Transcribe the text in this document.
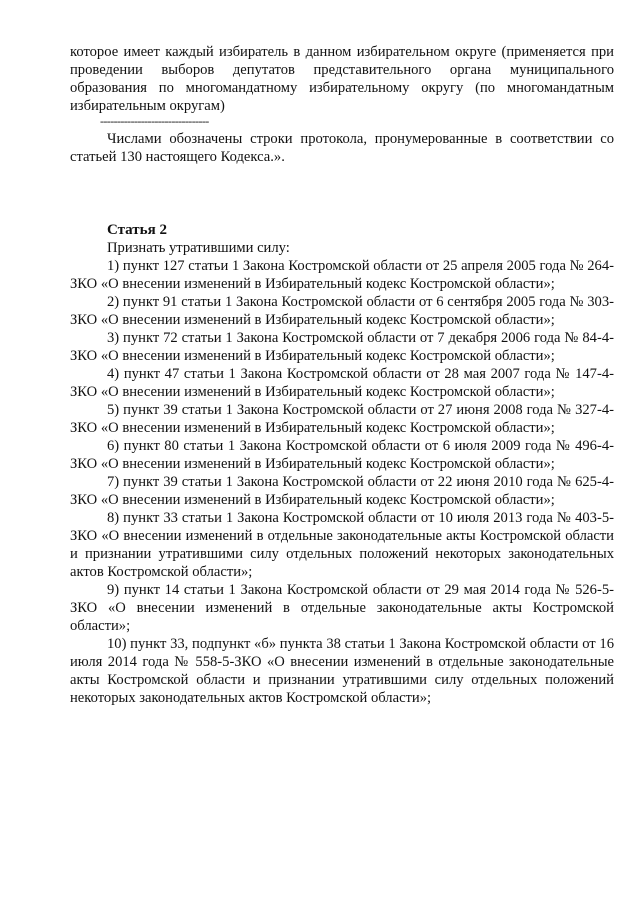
которое имеет каждый избиратель в данном избирательном округе (применяется при проведении выборов депутатов представительного органа муниципального образования по многомандатному избирательному округу (по многомандатным избирательным округам)

--------------------------------

Числами обозначены строки протокола, пронумерованные в соответствии со статьей 130 настоящего Кодекса.».

Статья 2

Признать утратившими силу:

1) пункт 127 статьи 1 Закона Костромской области от 25 апреля 2005 года № 264-ЗКО «О внесении изменений в Избирательный кодекс Костромской области»;

2) пункт 91 статьи 1 Закона Костромской области от 6 сентября 2005 года № 303-ЗКО «О внесении изменений в Избирательный кодекс Костромской области»;

3) пункт 72 статьи 1 Закона Костромской области от 7 декабря 2006 года № 84-4-ЗКО «О внесении изменений в Избирательный кодекс Костромской области»;

4) пункт 47 статьи 1 Закона Костромской области от 28 мая 2007 года № 147-4-ЗКО «О внесении изменений в Избирательный кодекс Костромской области»;

5) пункт 39 статьи 1 Закона Костромской области от 27 июня 2008 года № 327-4-ЗКО «О внесении изменений в Избирательный кодекс Костромской области»;

6) пункт 80 статьи 1 Закона Костромской области от 6 июля 2009 года № 496-4-ЗКО «О внесении изменений в Избирательный кодекс Костромской области»;

7) пункт 39 статьи 1 Закона Костромской области от 22 июня 2010 года № 625-4-ЗКО «О внесении изменений в Избирательный кодекс Костромской области»;

8) пункт 33 статьи 1 Закона Костромской области от 10 июля 2013 года № 403-5-ЗКО «О внесении изменений в отдельные законодательные акты Костромской области и признании утратившими силу отдельных положений некоторых законодательных актов Костромской области»;

9) пункт 14 статьи 1 Закона Костромской области от 29 мая 2014 года № 526-5-ЗКО «О внесении изменений в отдельные законодательные акты Костромской области»;

10) пункт 33, подпункт «б» пункта 38 статьи 1 Закона Костромской области от 16 июля 2014 года № 558-5-ЗКО «О внесении изменений в отдельные законодательные акты Костромской области и признании утратившими силу отдельных положений некоторых законодательных актов Костромской области»;
